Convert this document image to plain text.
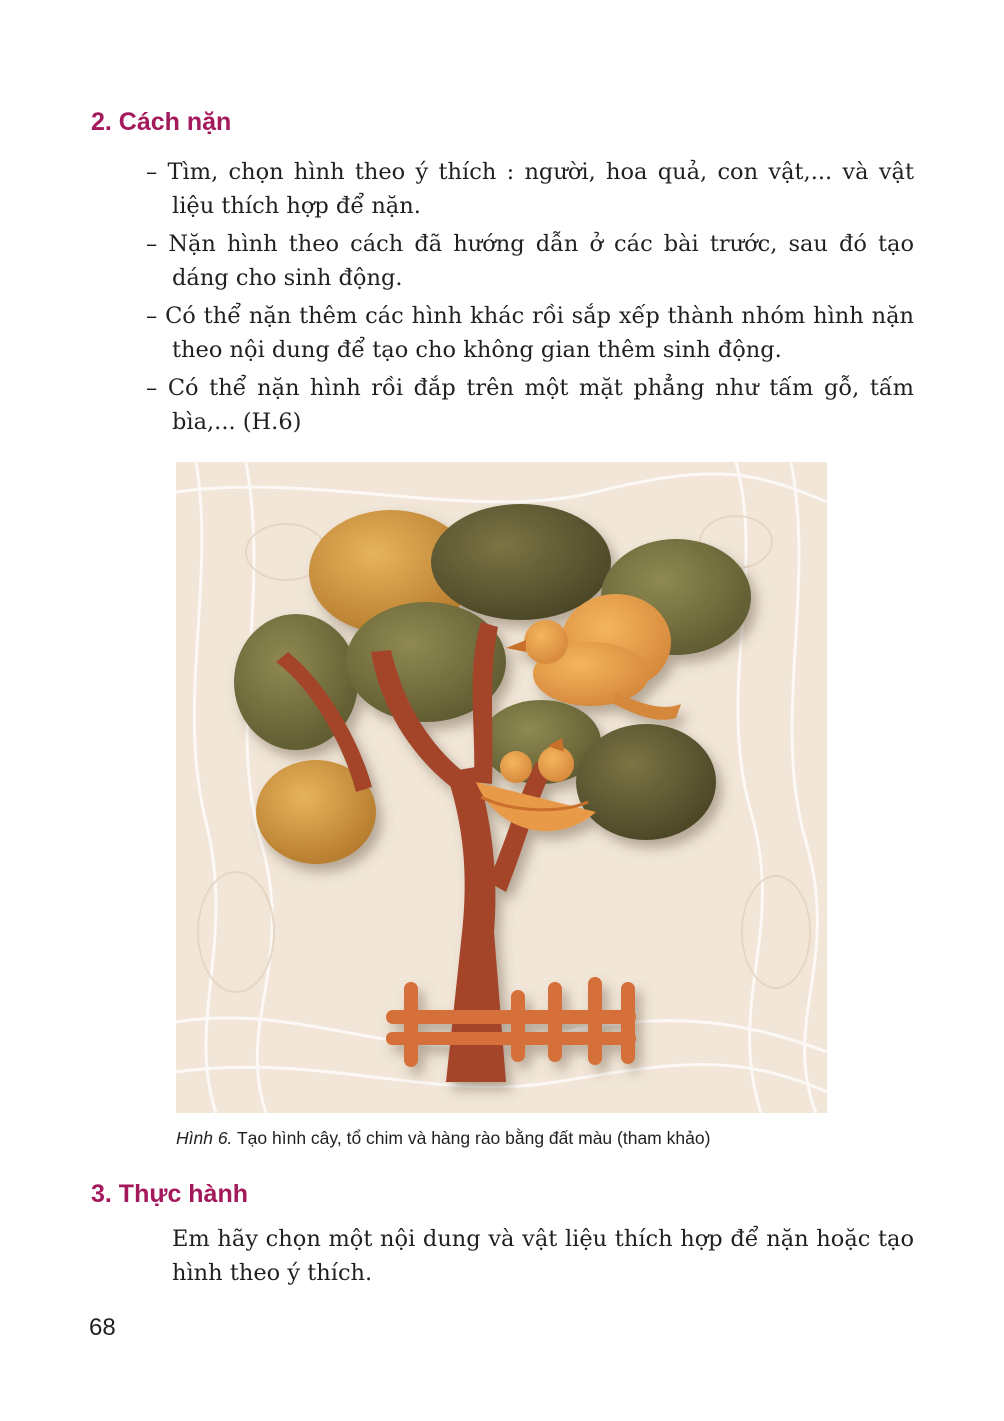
2. Cách nặn
– Tìm, chọn hình theo ý thích : người, hoa quả, con vật,... và vật liệu thích hợp để nặn.
– Nặn hình theo cách đã hướng dẫn ở các bài trước, sau đó tạo dáng cho sinh động.
– Có thể nặn thêm các hình khác rồi sắp xếp thành nhóm hình nặn theo nội dung để tạo cho không gian thêm sinh động.
– Có thể nặn hình rồi đắp trên một mặt phẳng như tấm gỗ, tấm bìa,... (H.6)

Hình 6. Tạo hình cây, tổ chim và hàng rào bằng đất màu (tham khảo)

3. Thực hành

Em hãy chọn một nội dung và vật liệu thích hợp để nặn hoặc tạo hình theo ý thích.

68
